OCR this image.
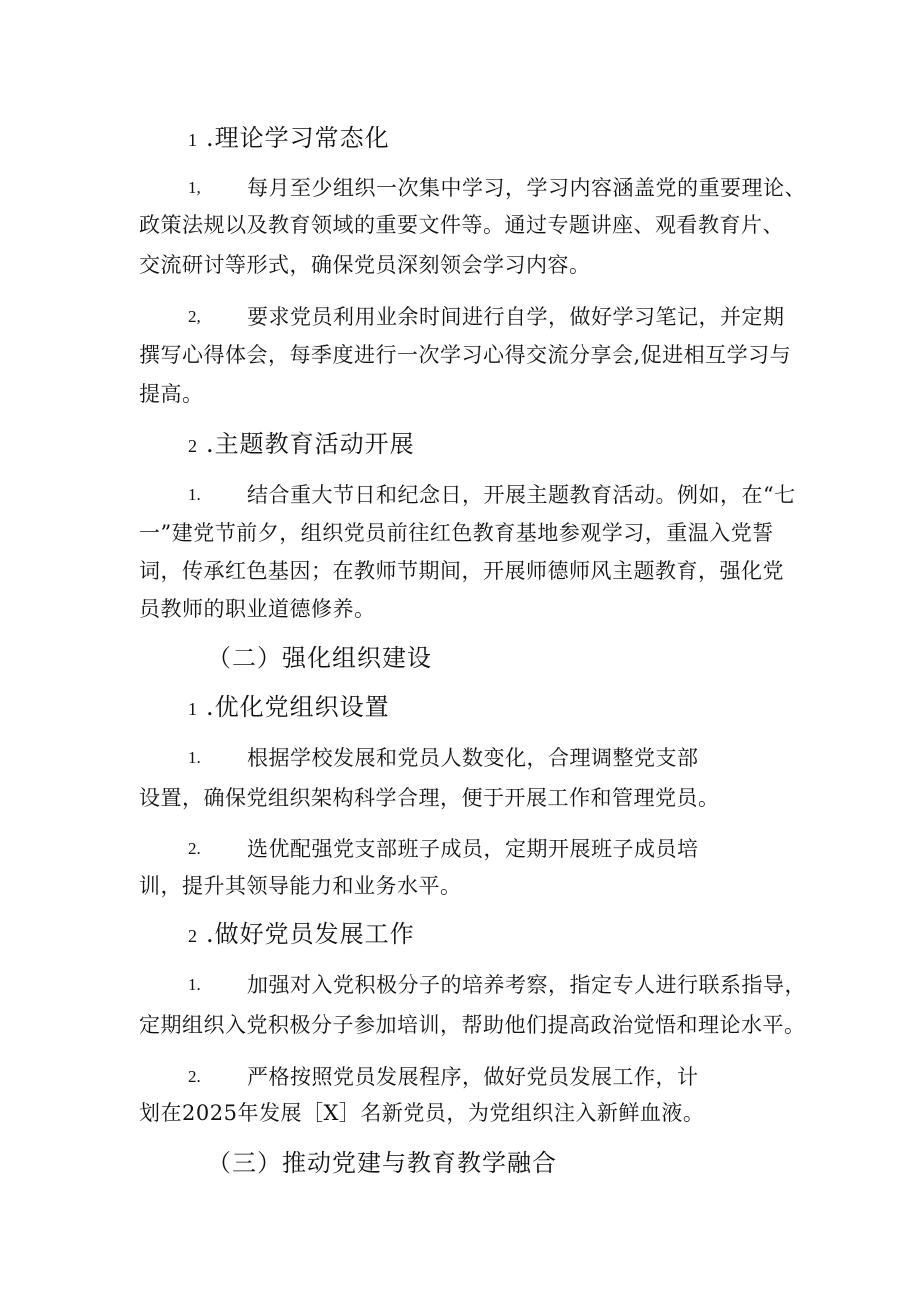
1 .理论学习常态化
1, 每月至少组织一次集中学习，学习内容涵盖党的重要理论、
政策法规以及教育领域的重要文件等。通过专题讲座、观看教育片、
交流研讨等形式，确保党员深刻领会学习内容。
2, 要求党员利用业余时间进行自学，做好学习笔记，并定期
撰写心得体会，每季度进行一次学习心得交流分享会,促进相互学习与
提高。
2 .主题教育活动开展
1. 结合重大节日和纪念日，开展主题教育活动。例如，在“七
一”建党节前夕，组织党员前往红色教育基地参观学习，重温入党誓
词，传承红色基因；在教师节期间，开展师德师风主题教育，强化党
员教师的职业道德修养。
（二）强化组织建设
1 .优化党组织设置
1. 根据学校发展和党员人数变化，合理调整党支部
设置，确保党组织架构科学合理，便于开展工作和管理党员。
2. 选优配强党支部班子成员，定期开展班子成员培
训，提升其领导能力和业务水平。
2 .做好党员发展工作
1. 加强对入党积极分子的培养考察，指定专人进行联系指导，
定期组织入党积极分子参加培训，帮助他们提高政治觉悟和理论水平。
2. 严格按照党员发展程序，做好党员发展工作，计
划在2025年发展［X］名新党员，为党组织注入新鲜血液。
（三）推动党建与教育教学融合
